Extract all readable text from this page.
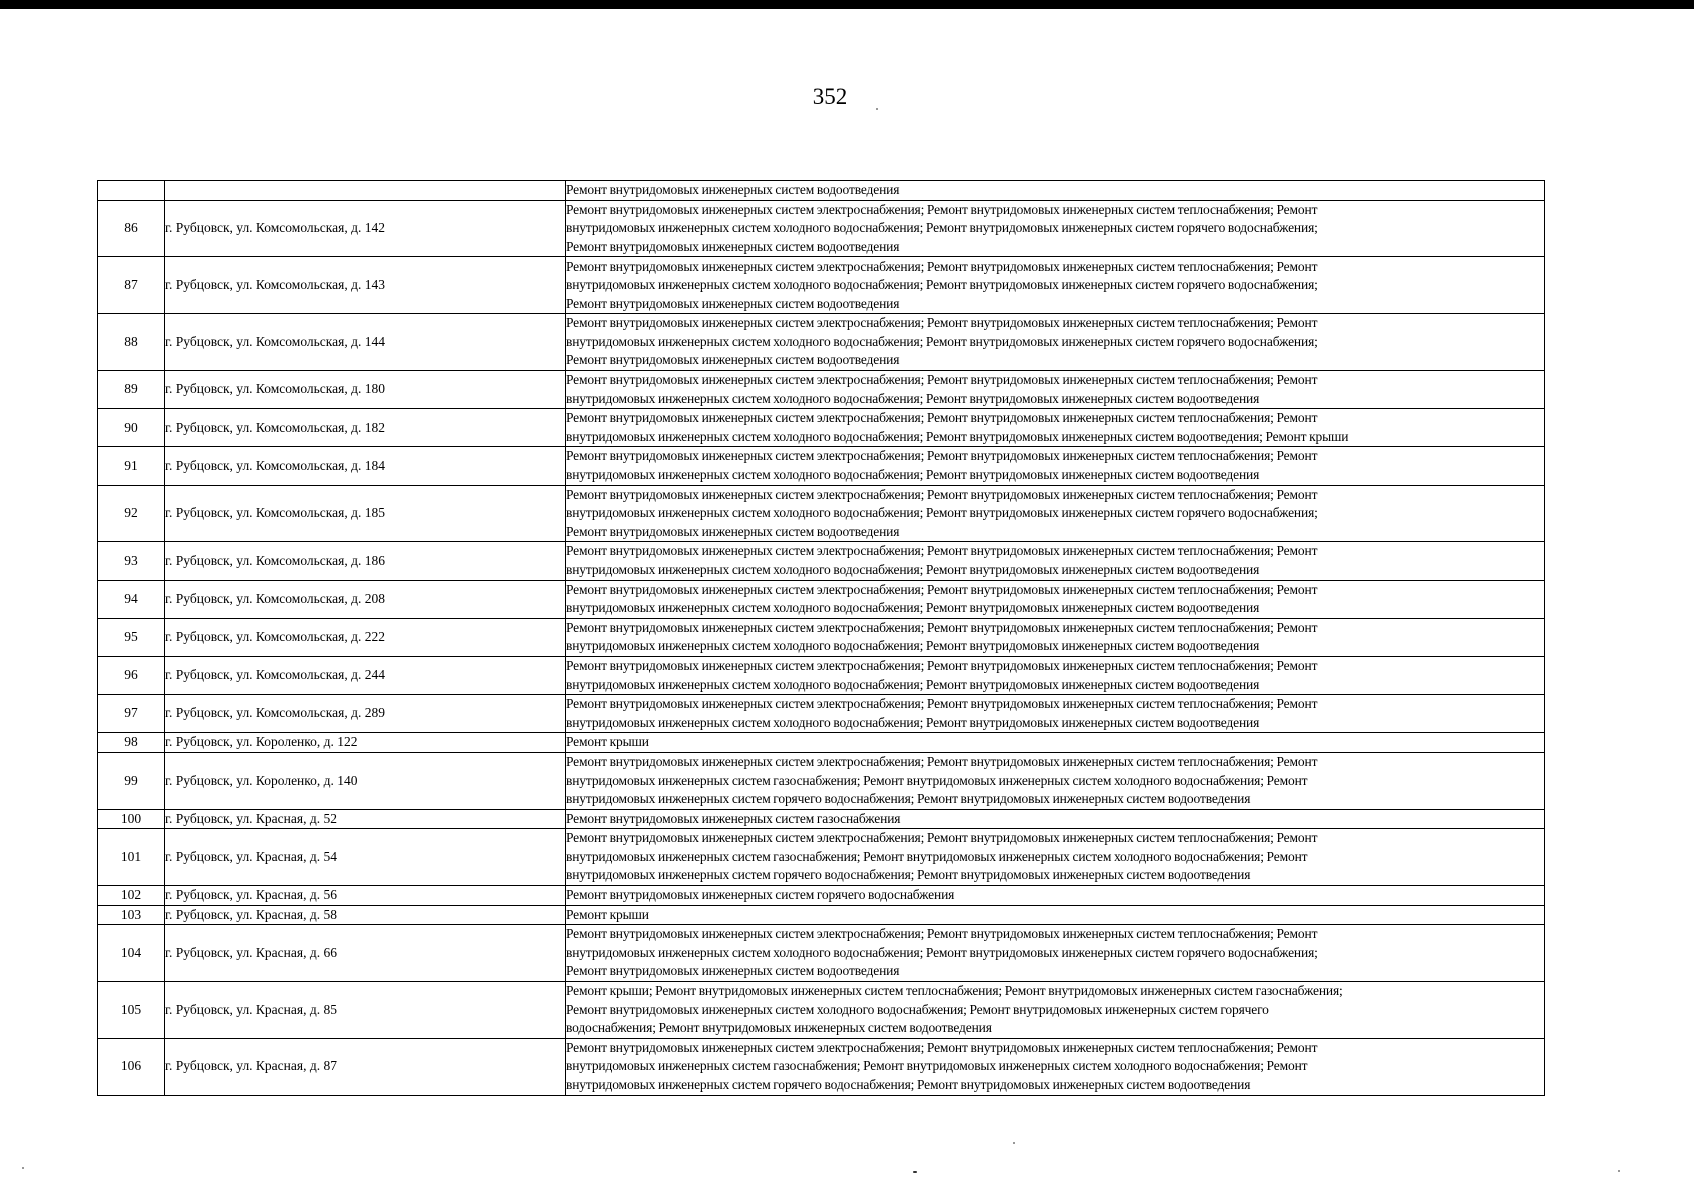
352

		Ремонт внутридомовых инженерных систем водоотведения

86	г. Рубцовск, ул. Комсомольская, д. 142	Ремонт внутридомовых инженерных систем электроснабжения; Ремонт внутридомовых инженерных систем теплоснабжения; Ремонт
внутридомовых инженерных систем холодного водоснабжения; Ремонт внутридомовых инженерных систем горячего водоснабжения;
Ремонт внутридомовых инженерных систем водоотведения

87	г. Рубцовск, ул. Комсомольская, д. 143	Ремонт внутридомовых инженерных систем электроснабжения; Ремонт внутридомовых инженерных систем теплоснабжения; Ремонт
внутридомовых инженерных систем холодного водоснабжения; Ремонт внутридомовых инженерных систем горячего водоснабжения;
Ремонт внутридомовых инженерных систем водоотведения

88	г. Рубцовск, ул. Комсомольская, д. 144	Ремонт внутридомовых инженерных систем электроснабжения; Ремонт внутридомовых инженерных систем теплоснабжения; Ремонт
внутридомовых инженерных систем холодного водоснабжения; Ремонт внутридомовых инженерных систем горячего водоснабжения;
Ремонт внутридомовых инженерных систем водоотведения

89	г. Рубцовск, ул. Комсомольская, д. 180	Ремонт внутридомовых инженерных систем электроснабжения; Ремонт внутридомовых инженерных систем теплоснабжения; Ремонт
внутридомовых инженерных систем холодного водоснабжения; Ремонт внутридомовых инженерных систем водоотведения

90	г. Рубцовск, ул. Комсомольская, д. 182	Ремонт внутридомовых инженерных систем электроснабжения; Ремонт внутридомовых инженерных систем теплоснабжения; Ремонт
внутридомовых инженерных систем холодного водоснабжения; Ремонт внутридомовых инженерных систем водоотведения; Ремонт крыши

91	г. Рубцовск, ул. Комсомольская, д. 184	Ремонт внутридомовых инженерных систем электроснабжения; Ремонт внутридомовых инженерных систем теплоснабжения; Ремонт
внутридомовых инженерных систем холодного водоснабжения; Ремонт внутридомовых инженерных систем водоотведения

92	г. Рубцовск, ул. Комсомольская, д. 185	Ремонт внутридомовых инженерных систем электроснабжения; Ремонт внутридомовых инженерных систем теплоснабжения; Ремонт
внутридомовых инженерных систем холодного водоснабжения; Ремонт внутридомовых инженерных систем горячего водоснабжения;
Ремонт внутридомовых инженерных систем водоотведения

93	г. Рубцовск, ул. Комсомольская, д. 186	Ремонт внутридомовых инженерных систем электроснабжения; Ремонт внутридомовых инженерных систем теплоснабжения; Ремонт
внутридомовых инженерных систем холодного водоснабжения; Ремонт внутридомовых инженерных систем водоотведения

94	г. Рубцовск, ул. Комсомольская, д. 208	Ремонт внутридомовых инженерных систем электроснабжения; Ремонт внутридомовых инженерных систем теплоснабжения; Ремонт
внутридомовых инженерных систем холодного водоснабжения; Ремонт внутридомовых инженерных систем водоотведения

95	г. Рубцовск, ул. Комсомольская, д. 222	Ремонт внутридомовых инженерных систем электроснабжения; Ремонт внутридомовых инженерных систем теплоснабжения; Ремонт
внутридомовых инженерных систем холодного водоснабжения; Ремонт внутридомовых инженерных систем водоотведения

96	г. Рубцовск, ул. Комсомольская, д. 244	Ремонт внутридомовых инженерных систем электроснабжения; Ремонт внутридомовых инженерных систем теплоснабжения; Ремонт
внутридомовых инженерных систем холодного водоснабжения; Ремонт внутридомовых инженерных систем водоотведения

97	г. Рубцовск, ул. Комсомольская, д. 289	Ремонт внутридомовых инженерных систем электроснабжения; Ремонт внутридомовых инженерных систем теплоснабжения; Ремонт
внутридомовых инженерных систем холодного водоснабжения; Ремонт внутридомовых инженерных систем водоотведения

98	г. Рубцовск, ул. Короленко, д. 122	Ремонт крыши

99	г. Рубцовск, ул. Короленко, д. 140	Ремонт внутридомовых инженерных систем электроснабжения; Ремонт внутридомовых инженерных систем теплоснабжения; Ремонт
внутридомовых инженерных систем газоснабжения; Ремонт внутридомовых инженерных систем холодного водоснабжения; Ремонт
внутридомовых инженерных систем горячего водоснабжения; Ремонт внутридомовых инженерных систем водоотведения

100	г. Рубцовск, ул. Красная, д. 52	Ремонт внутридомовых инженерных систем газоснабжения

101	г. Рубцовск, ул. Красная, д. 54	Ремонт внутридомовых инженерных систем электроснабжения; Ремонт внутридомовых инженерных систем теплоснабжения; Ремонт
внутридомовых инженерных систем газоснабжения; Ремонт внутридомовых инженерных систем холодного водоснабжения; Ремонт
внутридомовых инженерных систем горячего водоснабжения; Ремонт внутридомовых инженерных систем водоотведения

102	г. Рубцовск, ул. Красная, д. 56	Ремонт внутридомовых инженерных систем горячего водоснабжения

103	г. Рубцовск, ул. Красная, д. 58	Ремонт крыши

104	г. Рубцовск, ул. Красная, д. 66	Ремонт внутридомовых инженерных систем электроснабжения; Ремонт внутридомовых инженерных систем теплоснабжения; Ремонт
внутридомовых инженерных систем холодного водоснабжения; Ремонт внутридомовых инженерных систем горячего водоснабжения;
Ремонт внутридомовых инженерных систем водоотведения

105	г. Рубцовск, ул. Красная, д. 85	Ремонт крыши; Ремонт внутридомовых инженерных систем теплоснабжения; Ремонт внутридомовых инженерных систем газоснабжения;
Ремонт внутридомовых инженерных систем холодного водоснабжения; Ремонт внутридомовых инженерных систем горячего
водоснабжения; Ремонт внутридомовых инженерных систем водоотведения

106	г. Рубцовск, ул. Красная, д. 87	Ремонт внутридомовых инженерных систем электроснабжения; Ремонт внутридомовых инженерных систем теплоснабжения; Ремонт
внутридомовых инженерных систем газоснабжения; Ремонт внутридомовых инженерных систем холодного водоснабжения; Ремонт
внутридомовых инженерных систем горячего водоснабжения; Ремонт внутридомовых инженерных систем водоотведения
